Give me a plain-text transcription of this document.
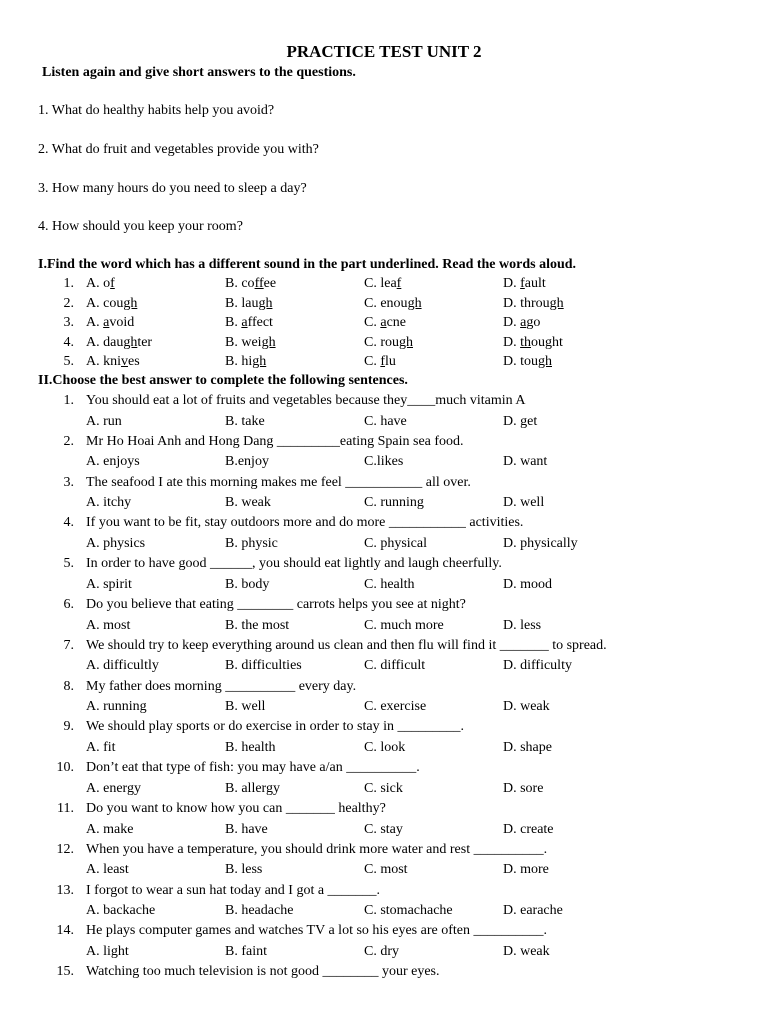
PRACTICE TEST UNIT 2
Listen again and give short answers to the questions.
1. What do healthy habits help you avoid?
2. What do fruit and vegetables provide you with?
3. How many hours do you need to sleep a day?
4. How should you keep your room?
I.Find the word which has a different sound in the part underlined. Read the words aloud.
1. A. of	B. coffee	C. leaf	D. fault
2. A. cough	B. laugh	C. enough	D. through
3. A. avoid	B. affect	C. acne	D. ago
4. A. daughter	B. weigh	C. rough	D. thought
5. A. knives	B. high	C. flu	D. tough
II.Choose the best answer to complete the following sentences.
1. You should eat a lot of fruits and vegetables because they____much vitamin A
A. run	B. take	C. have	D. get
2. Mr Ho Hoai Anh and Hong Dang _________eating Spain sea food.
A. enjoys	B.enjoy	C.likes	D. want
3. The seafood I ate this morning makes me feel ___________ all over.
A. itchy	B. weak	C. running	D. well
4. If you want to be fit, stay outdoors more and do more ___________ activities.
A. physics	B. physic	C. physical	D. physically
5. In order to have good ______, you should eat lightly and laugh cheerfully.
A. spirit	B. body	C. health	D. mood
6. Do you believe that eating ________ carrots helps you see at night?
A. most	B. the most	C. much more	D. less
7. We should try to keep everything around us clean and then flu will find it _______ to spread.
A. difficultly	B. difficulties	C. difficult	D. difficulty
8. My father does morning __________ every day.
A. running	B. well	C. exercise	D. weak
9. We should play sports or do exercise in order to stay in _________.
A. fit	B. health	C. look	D. shape
10. Don’t eat that type of fish: you may have a/an __________.
A. energy	B. allergy	C. sick	D. sore
11. Do you want to know how you can _______ healthy?
A. make	B. have	C. stay	D. create
12. When you have a temperature, you should drink more water and rest __________.
A. least	B. less	C. most	D. more
13. I forgot to wear a sun hat today and I got a _______.
A. backache	B. headache	C. stomachache	D. earache
14. He plays computer games and watches TV a lot so his eyes are often __________.
A. light	B. faint	C. dry	D. weak
15. Watching too much television is not good ________ your eyes.
